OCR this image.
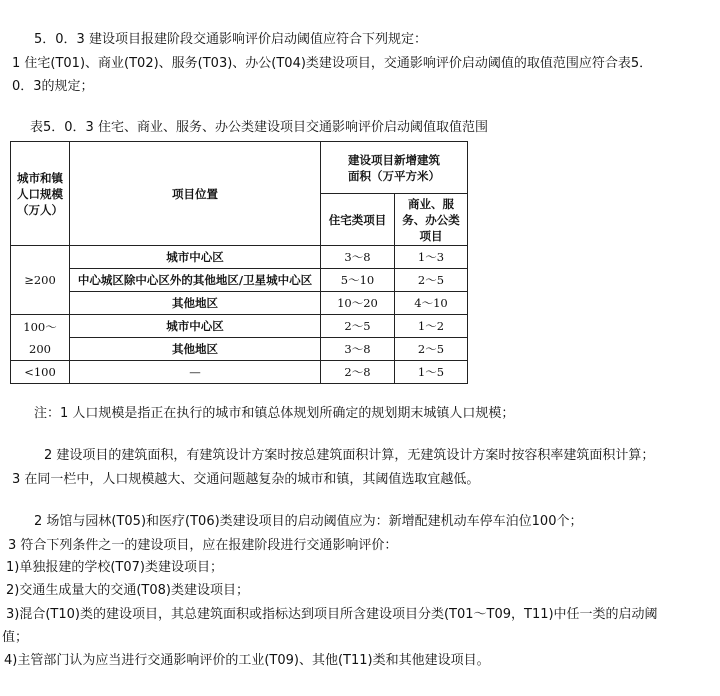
5．0．3 建设项目报建阶段交通影响评价启动阈值应符合下列规定：
1 住宅(T01)、商业(T02)、服务(T03)、办公(T04)类建设项目，交通影响评价启动阈值的取值范围应符合表5．
0．3的规定；
表5．0．3 住宅、商业、服务、办公类建设项目交通影响评价启动阈值取值范围
城市和镇人口规模（万人）	项目位置	建设项目新增建筑面积（万平方米）	
		住宅类项目	商业、服务、办公类项目
≥200	城市中心区	3～8	1～3
	中心城区除中心区外的其他地区/卫星城中心区	5～10	2～5
	其他地区	10～20	4～10
100～200	城市中心区	2～5	1～2
	其他地区	3～8	2～5
<100	—	2～8	1～5
注：1 人口规模是指正在执行的城市和镇总体规划所确定的规划期末城镇人口规模；
2 建设项目的建筑面积，有建筑设计方案时按总建筑面积计算，无建筑设计方案时按容积率建筑面积计算；
3 在同一栏中，人口规模越大、交通问题越复杂的城市和镇，其阈值选取宜越低。
2 场馆与园林(T05)和医疗(T06)类建设项目的启动阈值应为：新增配建机动车停车泊位100个；
3 符合下列条件之一的建设项目，应在报建阶段进行交通影响评价：
1)单独报建的学校(T07)类建设项目；
2)交通生成量大的交通(T08)类建设项目；
3)混合(T10)类的建设项目，其总建筑面积或指标达到项目所含建设项目分类(T01～T09，T11)中任一类的启动阈
值；
4)主管部门认为应当进行交通影响评价的工业(T09)、其他(T11)类和其他建设项目。
